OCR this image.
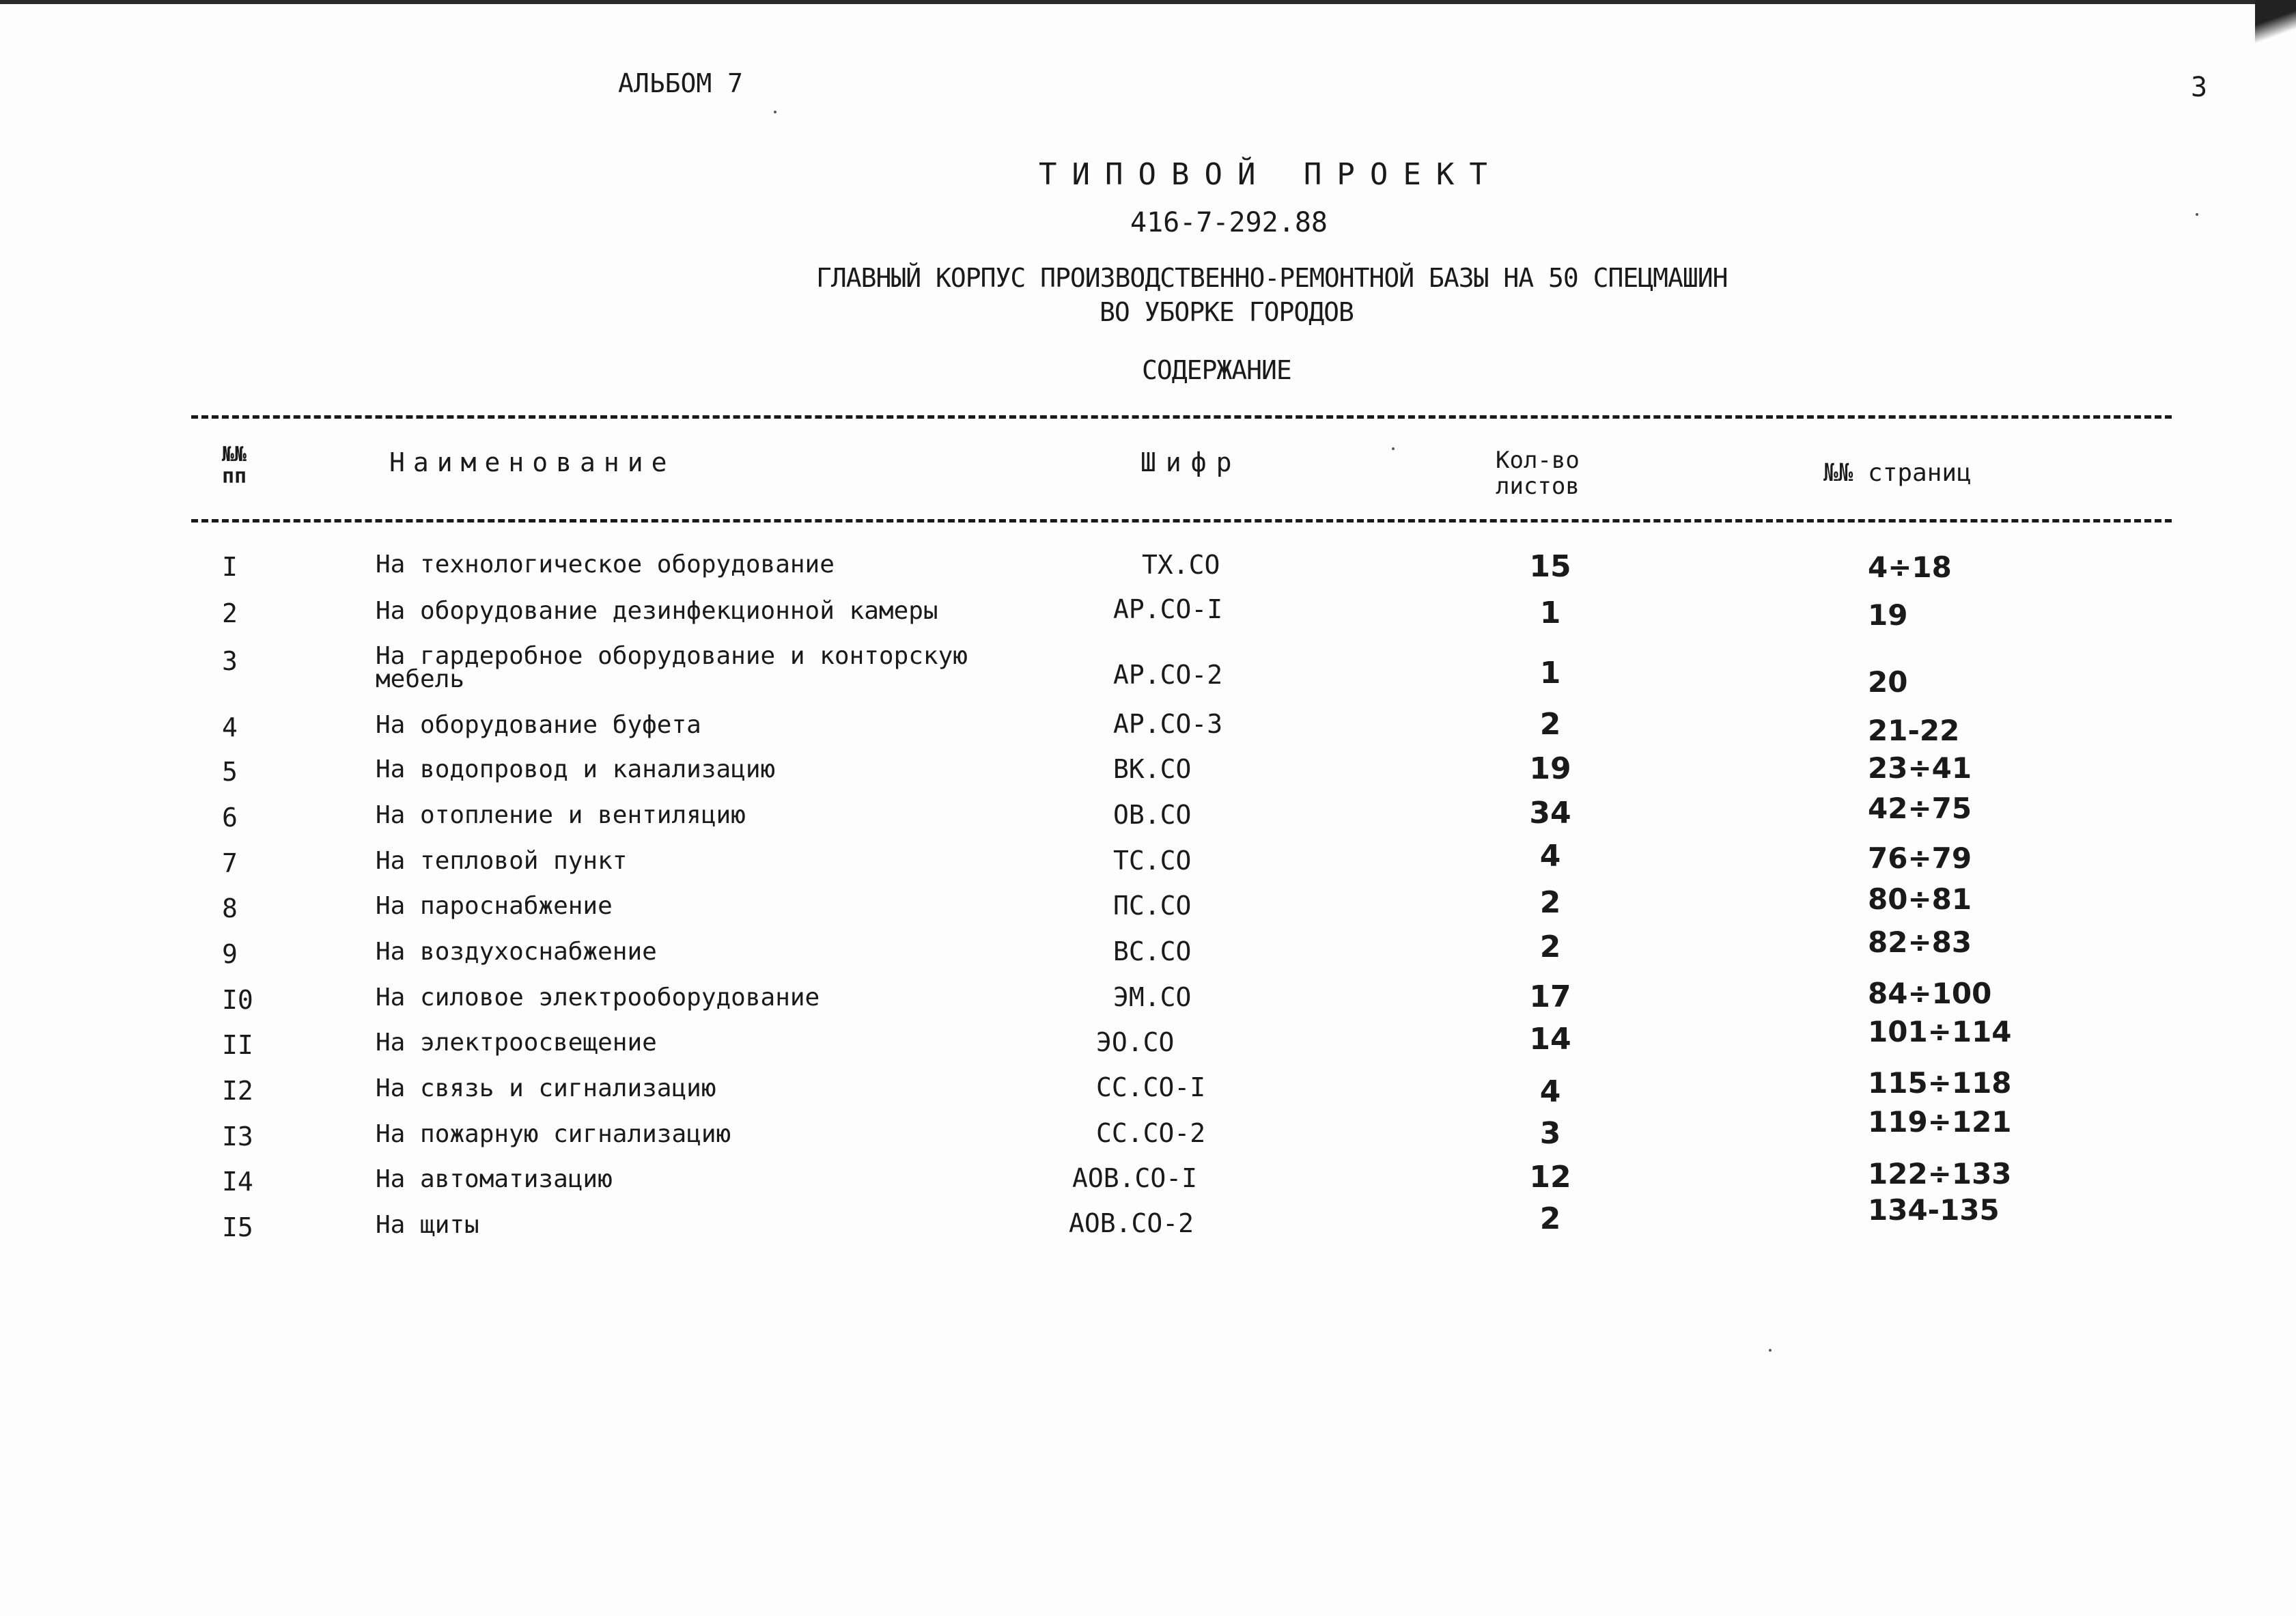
АЛЬБОМ 7	3
ТИПОВОЙ ПРОЕКТ
416-7-292.88
ГЛАВНЫЙ КОРПУС ПРОИЗВОДСТВЕННО-РЕМОНТНОЙ БАЗЫ НА 50 СПЕЦМАШИН
ВО УБОРКЕ ГОРОДОВ
СОДЕРЖАНИЕ
№№
пп	Наименование	Шифр	Кол-во
листов	№№ страниц
I	На технологическое оборудование	ТХ.СО	15	4÷18
2	На оборудование дезинфекционной камеры	АР.СО-I	1	19
3	На гардеробное оборудование и конторскую
мебель	АР.СО-2	1	20
4	На оборудование буфета	АР.СО-3	2	21-22
5	На водопровод и канализацию	ВК.СО	19	23÷41
6	На отопление и вентиляцию	ОВ.СО	34	42÷75
7	На тепловой пункт	ТС.СО	4	76÷79
8	На пароснабжение	ПС.СО	2	80÷81
9	На воздухоснабжение	ВС.СО	2	82÷83
I0	На силовое электрооборудование	ЭМ.СО	17	84÷100
II	На электроосвещение	ЭО.СО	14	101÷114
I2	На связь и сигнализацию	СС.СО-I	4	115÷118
I3	На пожарную сигнализацию	СС.СО-2	3	119÷121
I4	На автоматизацию	АОВ.СО-I	12	122÷133
I5	На щиты	АОВ.СО-2	2	134-135
